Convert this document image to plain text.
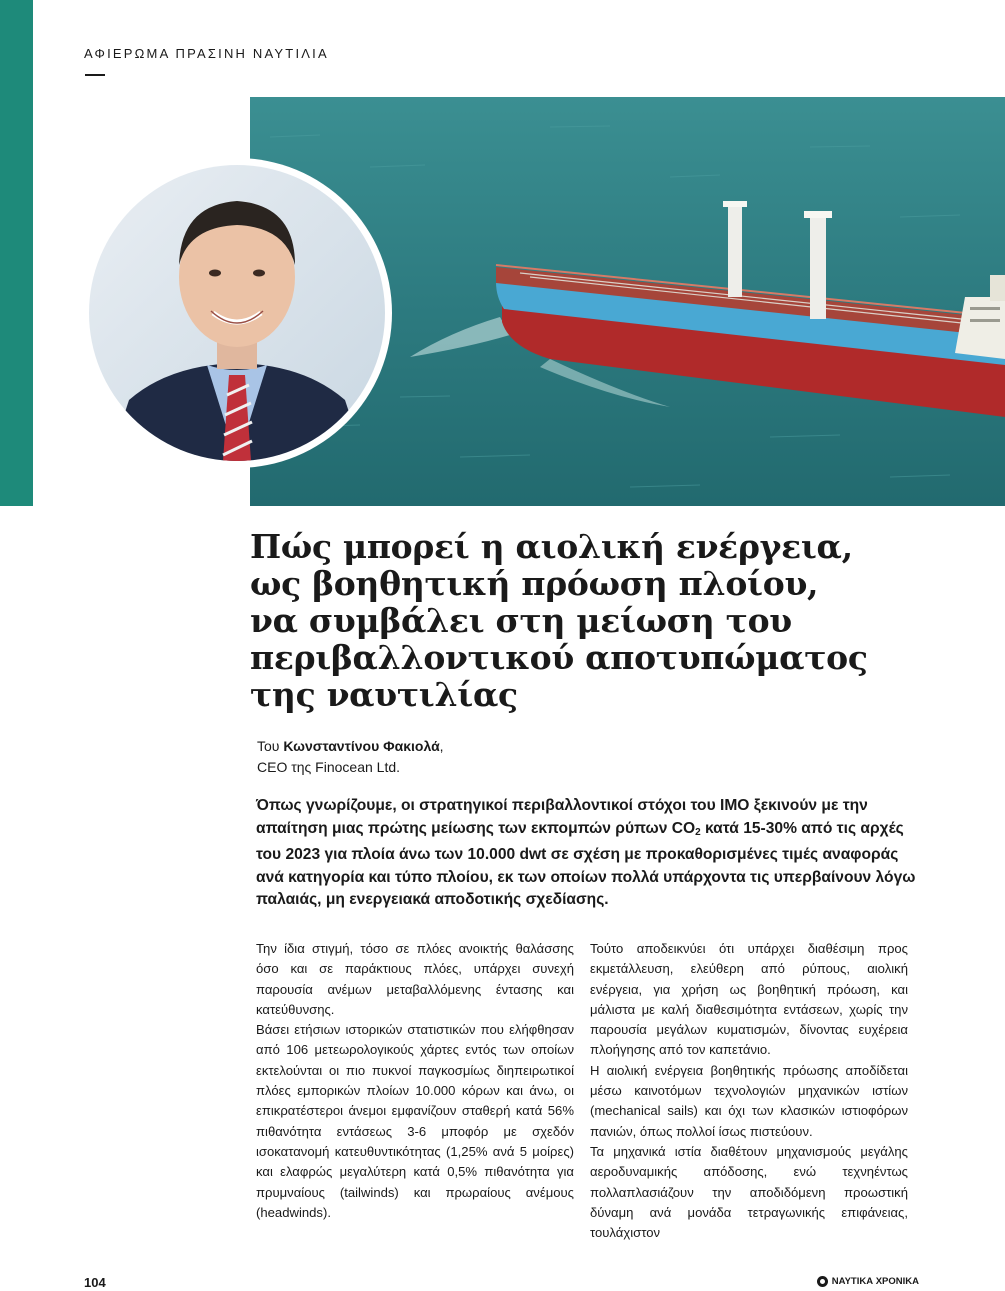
ΑΦΙΕΡΩΜΑ ΠΡΑΣΙΝΗ ΝΑΥΤΙΛΙΑ
Πώς μπορεί η αιολική ενέργεια,
ως βοηθητική πρόωση πλοίου,
να συμβάλει στη μείωση του
περιβαλλοντικού αποτυπώματος
της ναυτιλίας
Του Κωνσταντίνου Φακιολά,
CEO της Finocean Ltd.

Όπως γνωρίζουμε, οι στρατηγικοί περιβαλλοντικοί στόχοι του IMO ξεκινούν με την απαίτηση μιας πρώτης μείωσης των εκπομπών ρύπων $CO_2$ κατά 15-30% από τις αρχές του 2023 για πλοία άνω των 10.000 dwt σε σχέση με προκαθορισμένες τιμές αναφοράς ανά κατηγορία και τύπο πλοίου, εκ των οποίων πολλά υπάρχοντα τις υπερβαίνουν λόγω παλαιάς, μη ενεργειακά αποδοτικής σχεδίασης.

Την ίδια στιγμή, τόσο σε πλόες ανοικτής θαλάσσης όσο και σε παράκτιους πλόες, υπάρχει συνεχή παρουσία ανέμων μεταβαλλόμενης έντασης και κατεύθυνσης.

Βάσει ετήσιων ιστορικών στατιστικών που ελήφθησαν από 106 μετεωρολογικούς χάρτες εντός των οποίων εκτελούνται οι πιο πυκνοί παγκοσμίως διηπειρωτικοί πλόες εμπορικών πλοίων 10.000 κόρων και άνω, οι επικρατέστεροι άνεμοι εμφανίζουν σταθερή κατά 56% πιθανότητα εντάσεως 3-6 μποφόρ με σχεδόν ισοκατανομή κατευθυντικότητας (1,25% ανά 5 μοίρες) και ελαφρώς μεγαλύτερη κατά 0,5% πιθανότητα για πρυμναίους (tailwinds) και πρωραίους ανέμους (headwinds).

Τούτο αποδεικνύει ότι υπάρχει διαθέσιμη προς εκμετάλλευση, ελεύθερη από ρύπους, αιολική ενέργεια, για χρήση ως βοηθητική πρόωση, και μάλιστα με καλή διαθεσιμότητα εντάσεων, χωρίς την παρουσία μεγάλων κυματισμών, δίνοντας ευχέρεια πλοήγησης από τον καπετάνιο.

Η αιολική ενέργεια βοηθητικής πρόωσης αποδίδεται μέσω καινοτόμων τεχνολογιών μηχανικών ιστίων (mechanical sails) και όχι των κλασικών ιστιοφόρων πανιών, όπως πολλοί ίσως πιστεύουν.

Τα μηχανικά ιστία διαθέτουν μηχανισμούς μεγάλης αεροδυναμικής απόδοσης, ενώ τεχνηέντως πολλαπλασιάζουν την αποδιδόμενη προωστική δύναμη ανά μονάδα τετραγωνικής επιφάνειας, τουλάχιστον

104	ΝΑΥΤΙΚΑ ΧΡΟΝΙΚΑ
